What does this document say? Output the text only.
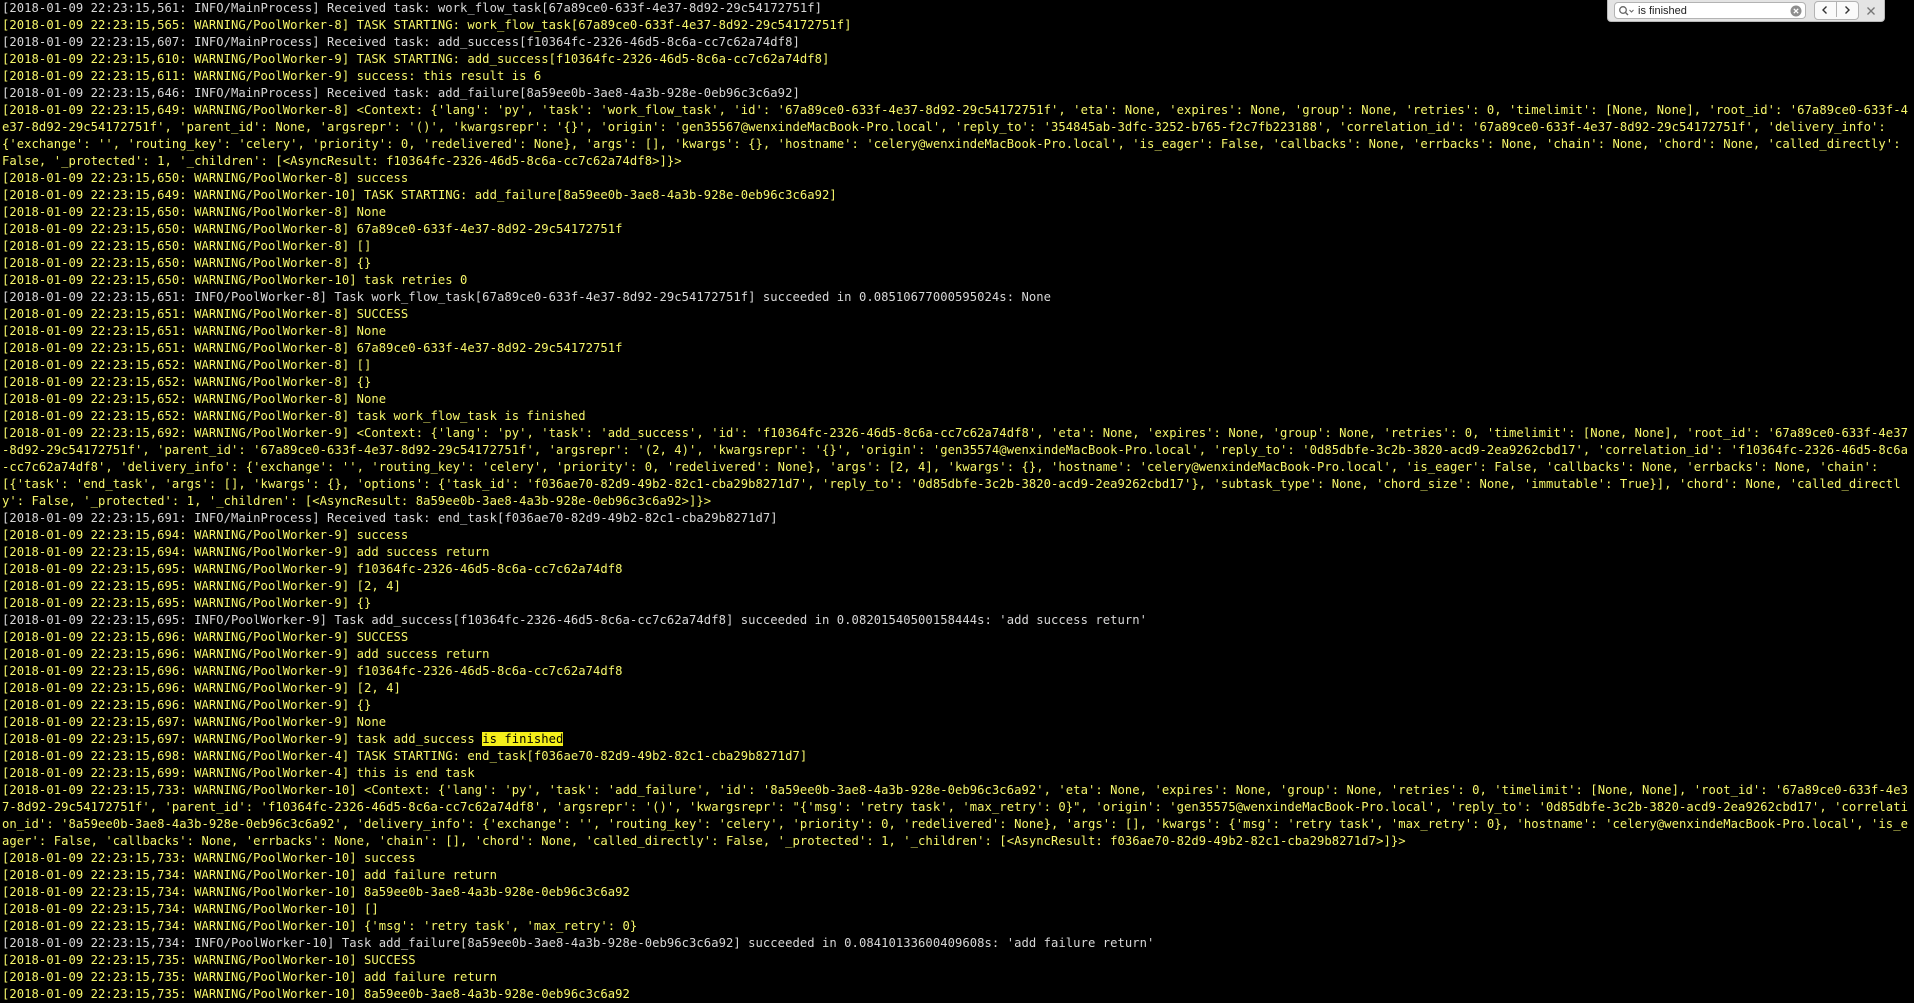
[2018-01-09 22:23:15,561: INFO/MainProcess] Received task: work_flow_task[67a89ce0-633f-4e37-8d92-29c54172751f]
[2018-01-09 22:23:15,565: WARNING/PoolWorker-8] TASK STARTING: work_flow_task[67a89ce0-633f-4e37-8d92-29c54172751f]
[2018-01-09 22:23:15,607: INFO/MainProcess] Received task: add_success[f10364fc-2326-46d5-8c6a-cc7c62a74df8]
[2018-01-09 22:23:15,610: WARNING/PoolWorker-9] TASK STARTING: add_success[f10364fc-2326-46d5-8c6a-cc7c62a74df8]
[2018-01-09 22:23:15,611: WARNING/PoolWorker-9] success: this result is 6
[2018-01-09 22:23:15,646: INFO/MainProcess] Received task: add_failure[8a59ee0b-3ae8-4a3b-928e-0eb96c3c6a92]
[2018-01-09 22:23:15,649: WARNING/PoolWorker-8] <Context: {'lang': 'py', 'task': 'work_flow_task', 'id': '67a89ce0-633f-4e37-8d92-29c54172751f', 'eta': None, 'expires': None, 'group': None, 'retries': 0, 'timelimit': [None, None], 'root_id': '67a89ce0-633f-4e37-8d92-29c54172751f', 'parent_id': None, 'argsrepr': '()', 'kwargsrepr': '{}', 'origin': 'gen35567@wenxindeMacBook-Pro.local', 'reply_to': '354845ab-3dfc-3252-b765-f2c7fb223188', 'correlation_id': '67a89ce0-633f-4e37-8d92-29c54172751f', 'delivery_info': {'exchange': '', 'routing_key': 'celery', 'priority': 0, 'redelivered': None}, 'args': [], 'kwargs': {}, 'hostname': 'celery@wenxindeMacBook-Pro.local', 'is_eager': False, 'callbacks': None, 'errbacks': None, 'chain': None, 'chord': None, 'called_directly': False, '_protected': 1, '_children': [<AsyncResult: f10364fc-2326-46d5-8c6a-cc7c62a74df8>]}>
[2018-01-09 22:23:15,650: WARNING/PoolWorker-8] success
[2018-01-09 22:23:15,649: WARNING/PoolWorker-10] TASK STARTING: add_failure[8a59ee0b-3ae8-4a3b-928e-0eb96c3c6a92]
[2018-01-09 22:23:15,650: WARNING/PoolWorker-8] None
[2018-01-09 22:23:15,650: WARNING/PoolWorker-8] 67a89ce0-633f-4e37-8d92-29c54172751f
[2018-01-09 22:23:15,650: WARNING/PoolWorker-8] []
[2018-01-09 22:23:15,650: WARNING/PoolWorker-8] {}
[2018-01-09 22:23:15,650: WARNING/PoolWorker-10] task retries 0
[2018-01-09 22:23:15,651: INFO/PoolWorker-8] Task work_flow_task[67a89ce0-633f-4e37-8d92-29c54172751f] succeeded in 0.08510677000595024s: None
[2018-01-09 22:23:15,651: WARNING/PoolWorker-8] SUCCESS
[2018-01-09 22:23:15,651: WARNING/PoolWorker-8] None
[2018-01-09 22:23:15,651: WARNING/PoolWorker-8] 67a89ce0-633f-4e37-8d92-29c54172751f
[2018-01-09 22:23:15,652: WARNING/PoolWorker-8] []
[2018-01-09 22:23:15,652: WARNING/PoolWorker-8] {}
[2018-01-09 22:23:15,652: WARNING/PoolWorker-8] None
[2018-01-09 22:23:15,652: WARNING/PoolWorker-8] task work_flow_task is finished
[2018-01-09 22:23:15,692: WARNING/PoolWorker-9] <Context: {'lang': 'py', 'task': 'add_success', 'id': 'f10364fc-2326-46d5-8c6a-cc7c62a74df8', 'eta': None, 'expires': None, 'group': None, 'retries': 0, 'timelimit': [None, None], 'root_id': '67a89ce0-633f-4e37-8d92-29c54172751f', 'parent_id': '67a89ce0-633f-4e37-8d92-29c54172751f', 'argsrepr': '(2, 4)', 'kwargsrepr': '{}', 'origin': 'gen35574@wenxindeMacBook-Pro.local', 'reply_to': '0d85dbfe-3c2b-3820-acd9-2ea9262cbd17', 'correlation_id': 'f10364fc-2326-46d5-8c6a-cc7c62a74df8', 'delivery_info': {'exchange': '', 'routing_key': 'celery', 'priority': 0, 'redelivered': None}, 'args': [2, 4], 'kwargs': {}, 'hostname': 'celery@wenxindeMacBook-Pro.local', 'is_eager': False, 'callbacks': None, 'errbacks': None, 'chain': [{'task': 'end_task', 'args': [], 'kwargs': {}, 'options': {'task_id': 'f036ae70-82d9-49b2-82c1-cba29b8271d7', 'reply_to': '0d85dbfe-3c2b-3820-acd9-2ea9262cbd17'}, 'subtask_type': None, 'chord_size': None, 'immutable': True}], 'chord': None, 'called_directly': False, '_protected': 1, '_children': [<AsyncResult: 8a59ee0b-3ae8-4a3b-928e-0eb96c3c6a92>]}>
[2018-01-09 22:23:15,691: INFO/MainProcess] Received task: end_task[f036ae70-82d9-49b2-82c1-cba29b8271d7]
[2018-01-09 22:23:15,694: WARNING/PoolWorker-9] success
[2018-01-09 22:23:15,694: WARNING/PoolWorker-9] add success return
[2018-01-09 22:23:15,695: WARNING/PoolWorker-9] f10364fc-2326-46d5-8c6a-cc7c62a74df8
[2018-01-09 22:23:15,695: WARNING/PoolWorker-9] [2, 4]
[2018-01-09 22:23:15,695: WARNING/PoolWorker-9] {}
[2018-01-09 22:23:15,695: INFO/PoolWorker-9] Task add_success[f10364fc-2326-46d5-8c6a-cc7c62a74df8] succeeded in 0.08201540500158444s: 'add success return'
[2018-01-09 22:23:15,696: WARNING/PoolWorker-9] SUCCESS
[2018-01-09 22:23:15,696: WARNING/PoolWorker-9] add success return
[2018-01-09 22:23:15,696: WARNING/PoolWorker-9] f10364fc-2326-46d5-8c6a-cc7c62a74df8
[2018-01-09 22:23:15,696: WARNING/PoolWorker-9] [2, 4]
[2018-01-09 22:23:15,696: WARNING/PoolWorker-9] {}
[2018-01-09 22:23:15,697: WARNING/PoolWorker-9] None
[2018-01-09 22:23:15,697: WARNING/PoolWorker-9] task add_success is finished
[2018-01-09 22:23:15,698: WARNING/PoolWorker-4] TASK STARTING: end_task[f036ae70-82d9-49b2-82c1-cba29b8271d7]
[2018-01-09 22:23:15,699: WARNING/PoolWorker-4] this is end task
[2018-01-09 22:23:15,733: WARNING/PoolWorker-10] <Context: {'lang': 'py', 'task': 'add_failure', 'id': '8a59ee0b-3ae8-4a3b-928e-0eb96c3c6a92', 'eta': None, 'expires': None, 'group': None, 'retries': 0, 'timelimit': [None, None], 'root_id': '67a89ce0-633f-4e37-8d92-29c54172751f', 'parent_id': 'f10364fc-2326-46d5-8c6a-cc7c62a74df8', 'argsrepr': '()', 'kwargsrepr': "{'msg': 'retry task', 'max_retry': 0}", 'origin': 'gen35575@wenxindeMacBook-Pro.local', 'reply_to': '0d85dbfe-3c2b-3820-acd9-2ea9262cbd17', 'correlation_id': '8a59ee0b-3ae8-4a3b-928e-0eb96c3c6a92', 'delivery_info': {'exchange': '', 'routing_key': 'celery', 'priority': 0, 'redelivered': None}, 'args': [], 'kwargs': {'msg': 'retry task', 'max_retry': 0}, 'hostname': 'celery@wenxindeMacBook-Pro.local', 'is_eager': False, 'callbacks': None, 'errbacks': None, 'chain': [], 'chord': None, 'called_directly': False, '_protected': 1, '_children': [<AsyncResult: f036ae70-82d9-49b2-82c1-cba29b8271d7>]}>
[2018-01-09 22:23:15,733: WARNING/PoolWorker-10] success
[2018-01-09 22:23:15,734: WARNING/PoolWorker-10] add failure return
[2018-01-09 22:23:15,734: WARNING/PoolWorker-10] 8a59ee0b-3ae8-4a3b-928e-0eb96c3c6a92
[2018-01-09 22:23:15,734: WARNING/PoolWorker-10] []
[2018-01-09 22:23:15,734: WARNING/PoolWorker-10] {'msg': 'retry task', 'max_retry': 0}
[2018-01-09 22:23:15,734: INFO/PoolWorker-10] Task add_failure[8a59ee0b-3ae8-4a3b-928e-0eb96c3c6a92] succeeded in 0.08410133600409608s: 'add failure return'
[2018-01-09 22:23:15,735: WARNING/PoolWorker-10] SUCCESS
[2018-01-09 22:23:15,735: WARNING/PoolWorker-10] add failure return
[2018-01-09 22:23:15,735: WARNING/PoolWorker-10] 8a59ee0b-3ae8-4a3b-928e-0eb96c3c6a92
is finished
